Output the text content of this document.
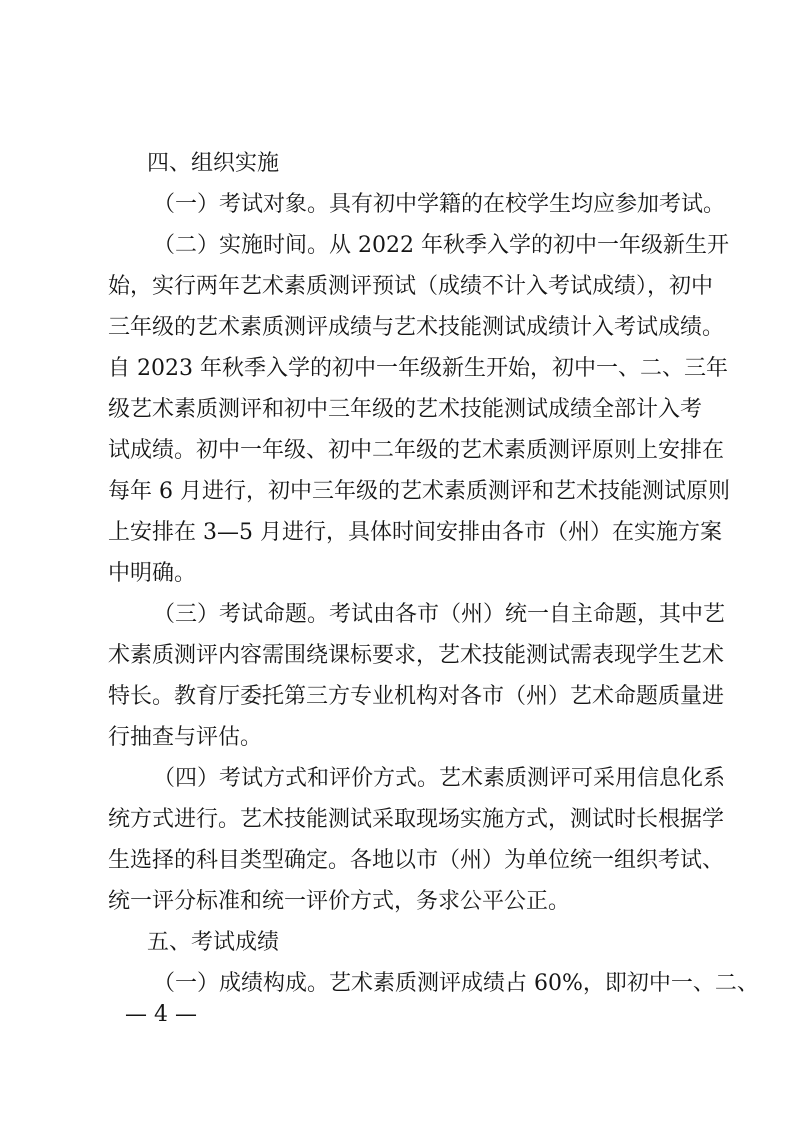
四、组织实施
（一）考试对象。具有初中学籍的在校学生均应参加考试。
（二）实施时间。从 2022 年秋季入学的初中一年级新生开
始，实行两年艺术素质测评预试（成绩不计入考试成绩），初中
三年级的艺术素质测评成绩与艺术技能测试成绩计入考试成绩。
自 2023 年秋季入学的初中一年级新生开始，初中一、二、三年
级艺术素质测评和初中三年级的艺术技能测试成绩全部计入考
试成绩。初中一年级、初中二年级的艺术素质测评原则上安排在
每年 6 月进行，初中三年级的艺术素质测评和艺术技能测试原则
上安排在 3—5 月进行，具体时间安排由各市（州）在实施方案
中明确。
（三）考试命题。考试由各市（州）统一自主命题，其中艺
术素质测评内容需围绕课标要求，艺术技能测试需表现学生艺术
特长。教育厅委托第三方专业机构对各市（州）艺术命题质量进
行抽查与评估。
（四）考试方式和评价方式。艺术素质测评可采用信息化系
统方式进行。艺术技能测试采取现场实施方式，测试时长根据学
生选择的科目类型确定。各地以市（州）为单位统一组织考试、
统一评分标准和统一评价方式，务求公平公正。
五、考试成绩
（一）成绩构成。艺术素质测评成绩占 60%，即初中一、二、
— 4 —
